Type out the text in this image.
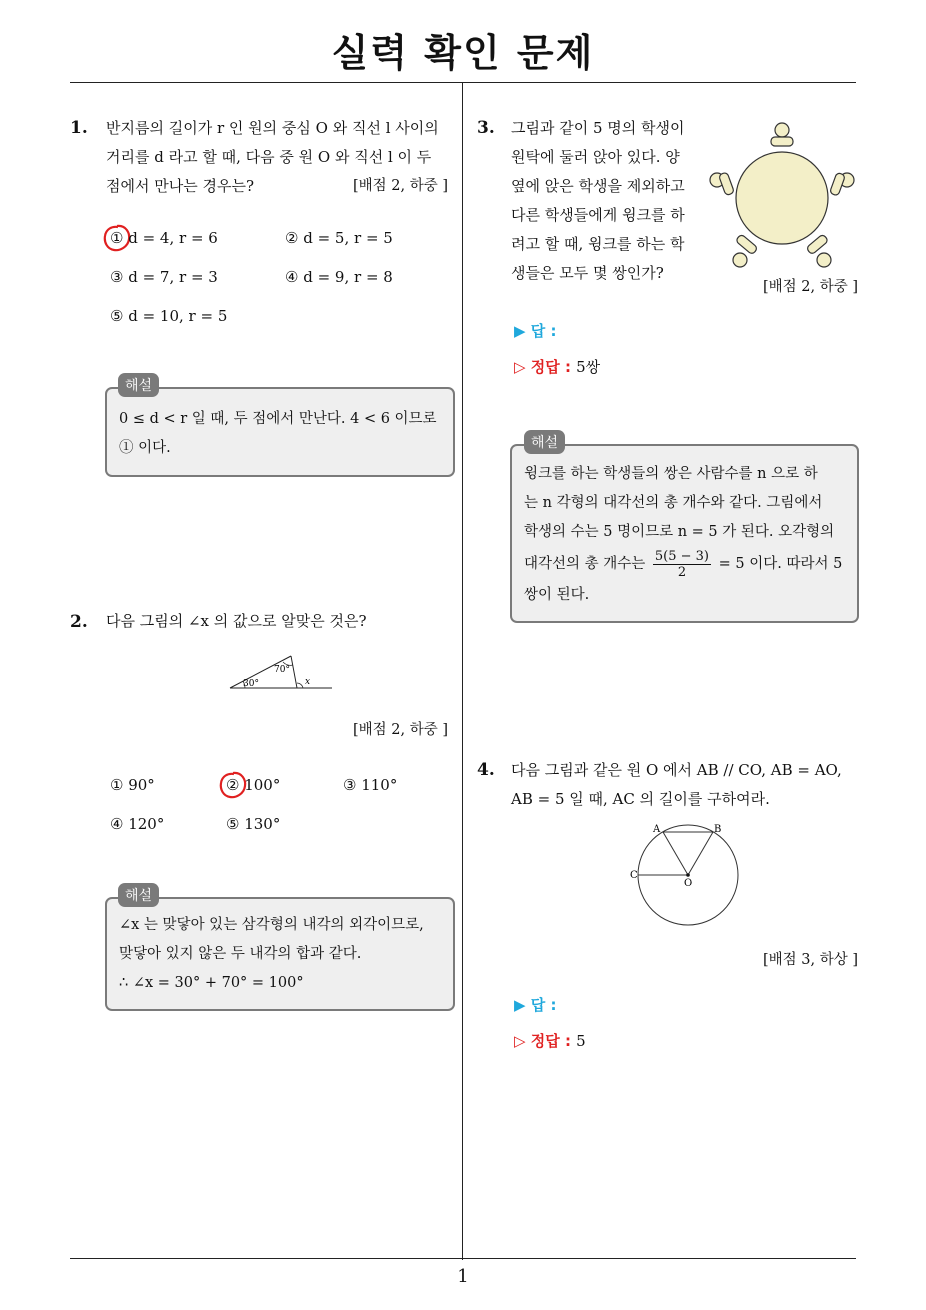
실력 확인 문제
1
1. 반지름의 길이가 r 인 원의 중심 O 와 직선 l 사이의
거리를 d 라고 할 때, 다음 중 원 O 와 직선 l 이 두
점에서 만나는 경우는?	[배점 2, 하중 ]
① d = 4, r = 6	② d = 5, r = 5
③ d = 7, r = 3	④ d = 9, r = 8
⑤ d = 10, r = 5
0 ≤ d < r 일 때, 두 점에서 만난다. 4 < 6 이므로
① 이다.
해설
2. 다음 그림의 ∠x 의 값으로 알맞은 것은?
70°
30°	x
[배점 2, 하중 ]
① 90°	② 100°	③ 110°
④ 120°	⑤ 130°
∠x 는 맞닿아 있는 삼각형의 내각의 외각이므로,
맞닿아 있지 않은 두 내각의 합과 같다.
∴ ∠x = 30° + 70° = 100°
해설
3. 그림과 같이 5 명의 학생이
원탁에 둘러 앉아 있다. 양
옆에 앉은 학생을 제외하고
다른 학생들에게 윙크를 하
려고 할 때, 윙크를 하는 학
생들은 모두 몇 쌍인가?
[배점 2, 하중 ]
▶ 답 :
▷ 정답 : 5쌍
윙크를 하는 학생들의 쌍은 사람수를 n 으로 하
는 n 각형의 대각선의 총 개수와 같다. 그림에서
학생의 수는 5 명이므로 n = 5 가 된다. 오각형의
대각선의 총 개수는 $\frac{5(5 - 3)}{2} = 5$ 이다. 따라서 5
쌍이 된다.
해설
4. 다음 그림과 같은 원 O 에서 AB // CO, AB = AO,
AB = 5 일 때, AC 의 길이를 구하여라.
A	B
C
O
[배점 3, 하상 ]
▶ 답 :
▷ 정답 : 5
